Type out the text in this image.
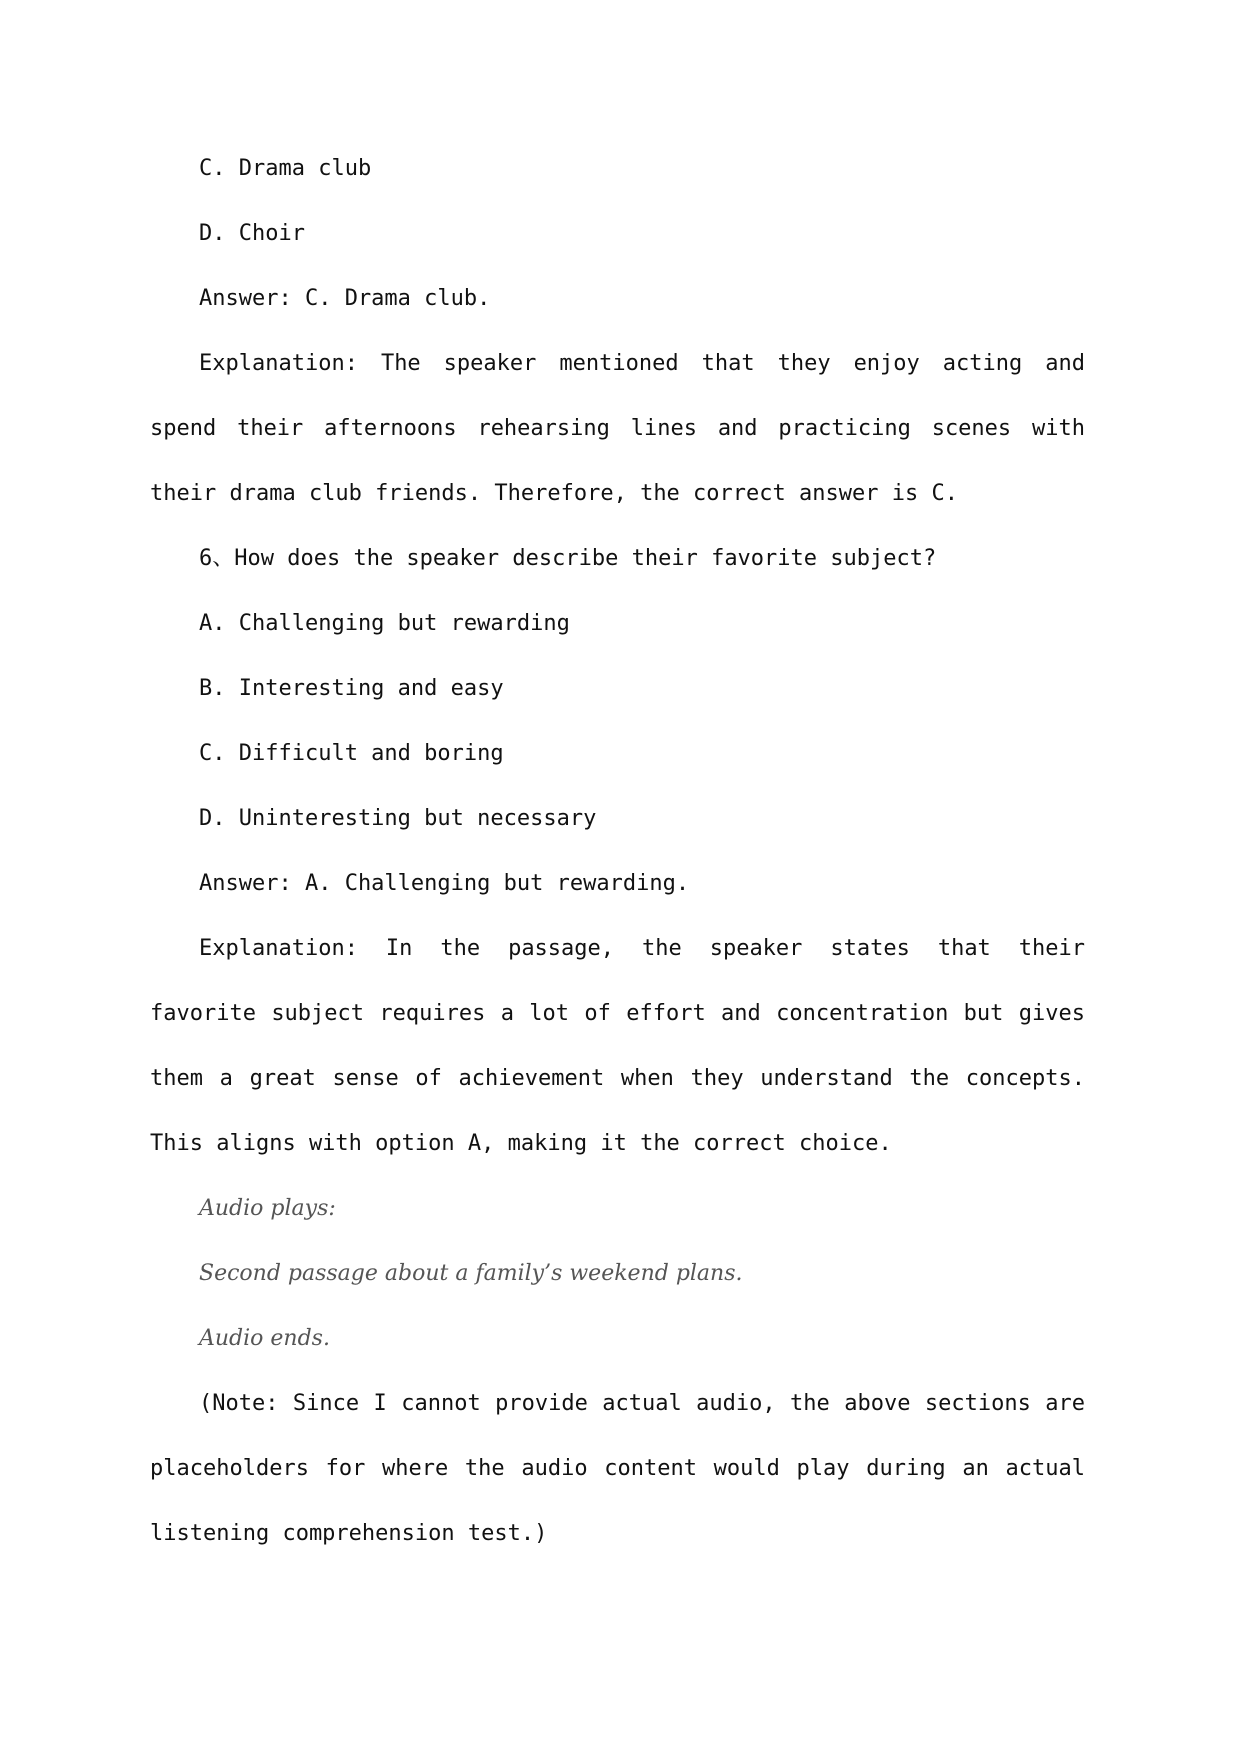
C. Drama club

D. Choir

Answer: C. Drama club.

Explanation: The speaker mentioned that they enjoy acting and spend their afternoons rehearsing lines and practicing scenes with their drama club friends. Therefore, the correct answer is C.

6、How does the speaker describe their favorite subject?

A. Challenging but rewarding

B. Interesting and easy

C. Difficult and boring

D. Uninteresting but necessary

Answer: A. Challenging but rewarding.

Explanation: In the passage, the speaker states that their favorite subject requires a lot of effort and concentration but gives them a great sense of achievement when they understand the concepts. This aligns with option A, making it the correct choice.

Audio plays:

Second passage about a family’s weekend plans.

Audio ends.

(Note: Since I cannot provide actual audio, the above sections are placeholders for where the audio content would play during an actual listening comprehension test.)
